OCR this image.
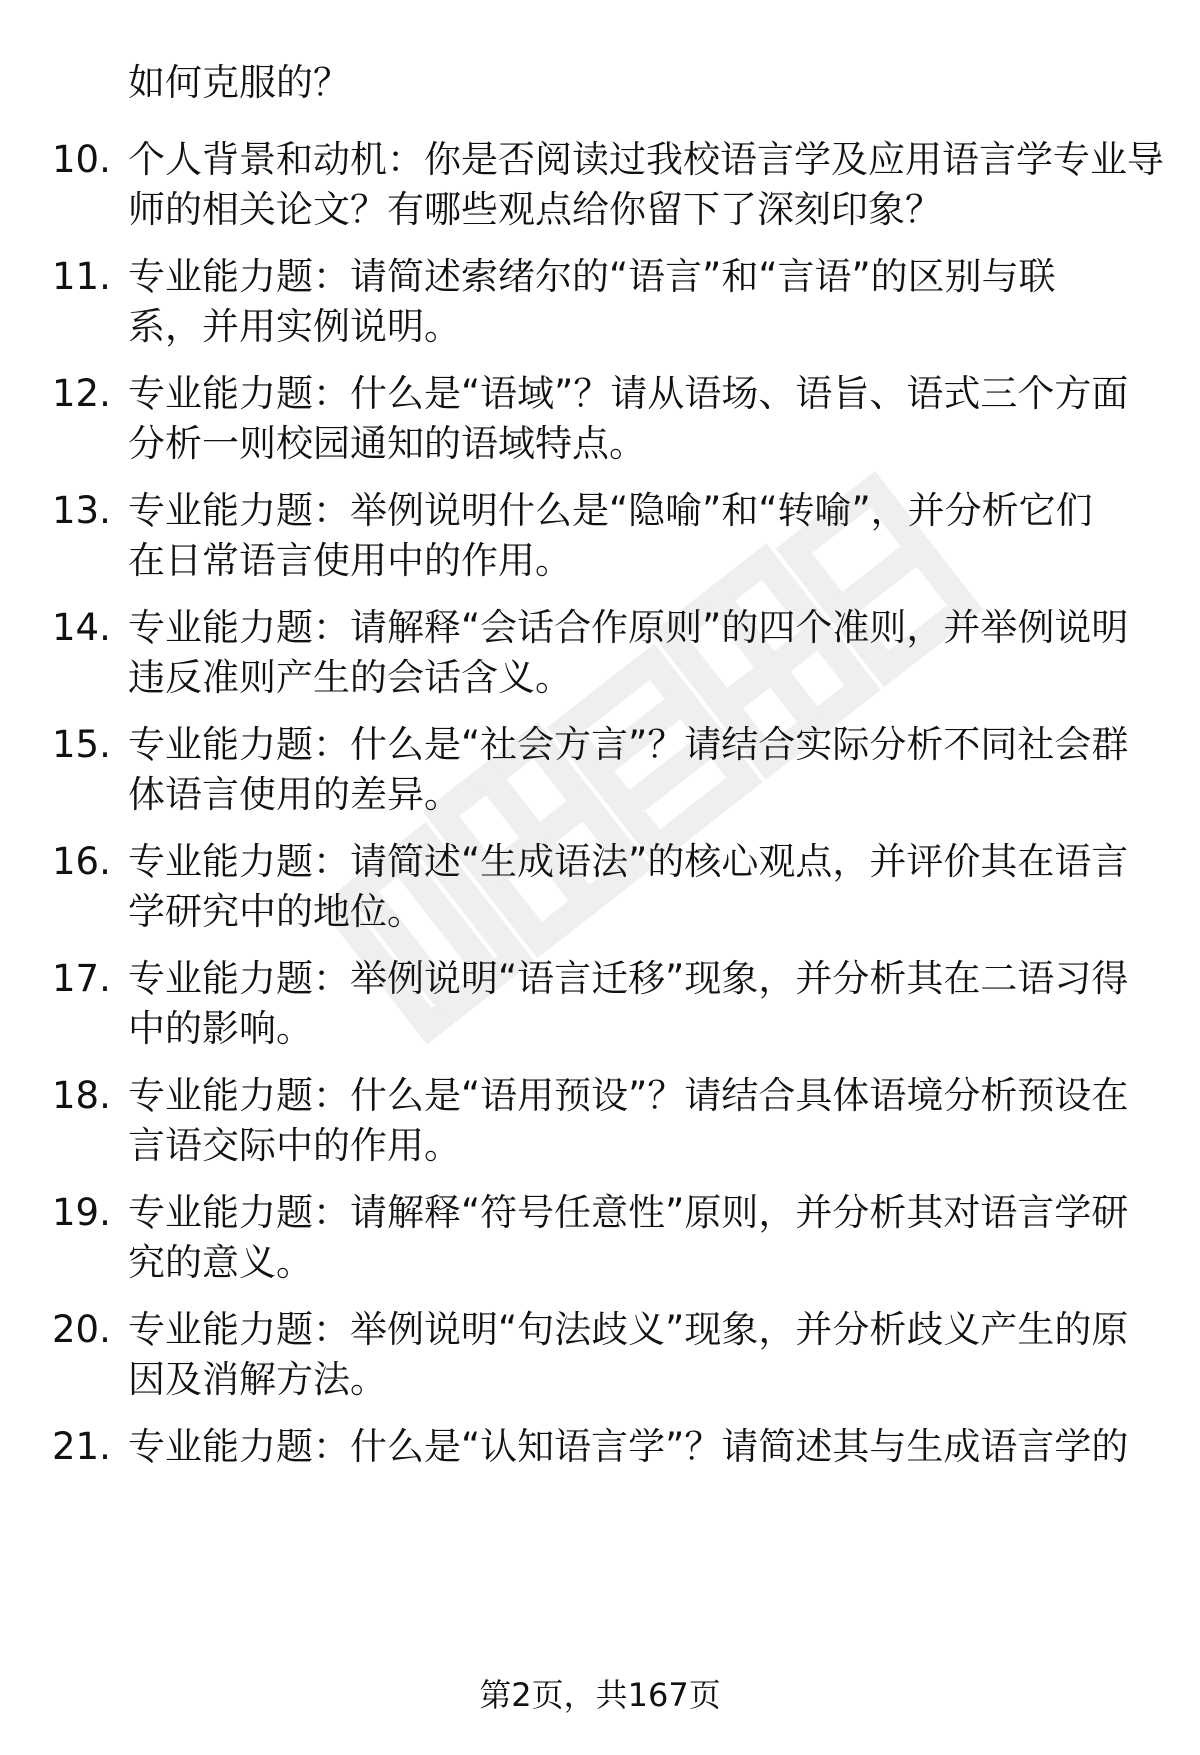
如何克服的？
10. 个人背景和动机：你是否阅读过我校语言学及应用语言学专业导
师的相关论文？有哪些观点给你留下了深刻印象？
11. 专业能力题：请简述索绪尔的“语言”和“言语”的区别与联
系，并用实例说明。
12. 专业能力题：什么是“语域”？请从语场、语旨、语式三个方面
分析一则校园通知的语域特点。
13. 专业能力题：举例说明什么是“隐喻”和“转喻”，并分析它们
在日常语言使用中的作用。
14. 专业能力题：请解释“会话合作原则”的四个准则，并举例说明
违反准则产生的会话含义。
15. 专业能力题：什么是“社会方言”？请结合实际分析不同社会群
体语言使用的差异。
16. 专业能力题：请简述“生成语法”的核心观点，并评价其在语言
学研究中的地位。
17. 专业能力题：举例说明“语言迁移”现象，并分析其在二语习得
中的影响。
18. 专业能力题：什么是“语用预设”？请结合具体语境分析预设在
言语交际中的作用。
19. 专业能力题：请解释“符号任意性”原则，并分析其对语言学研
究的意义。
20. 专业能力题：举例说明“句法歧义”现象，并分析歧义产生的原
因及消解方法。
21. 专业能力题：什么是“认知语言学”？请简述其与生成语言学的
第2页，共167页
